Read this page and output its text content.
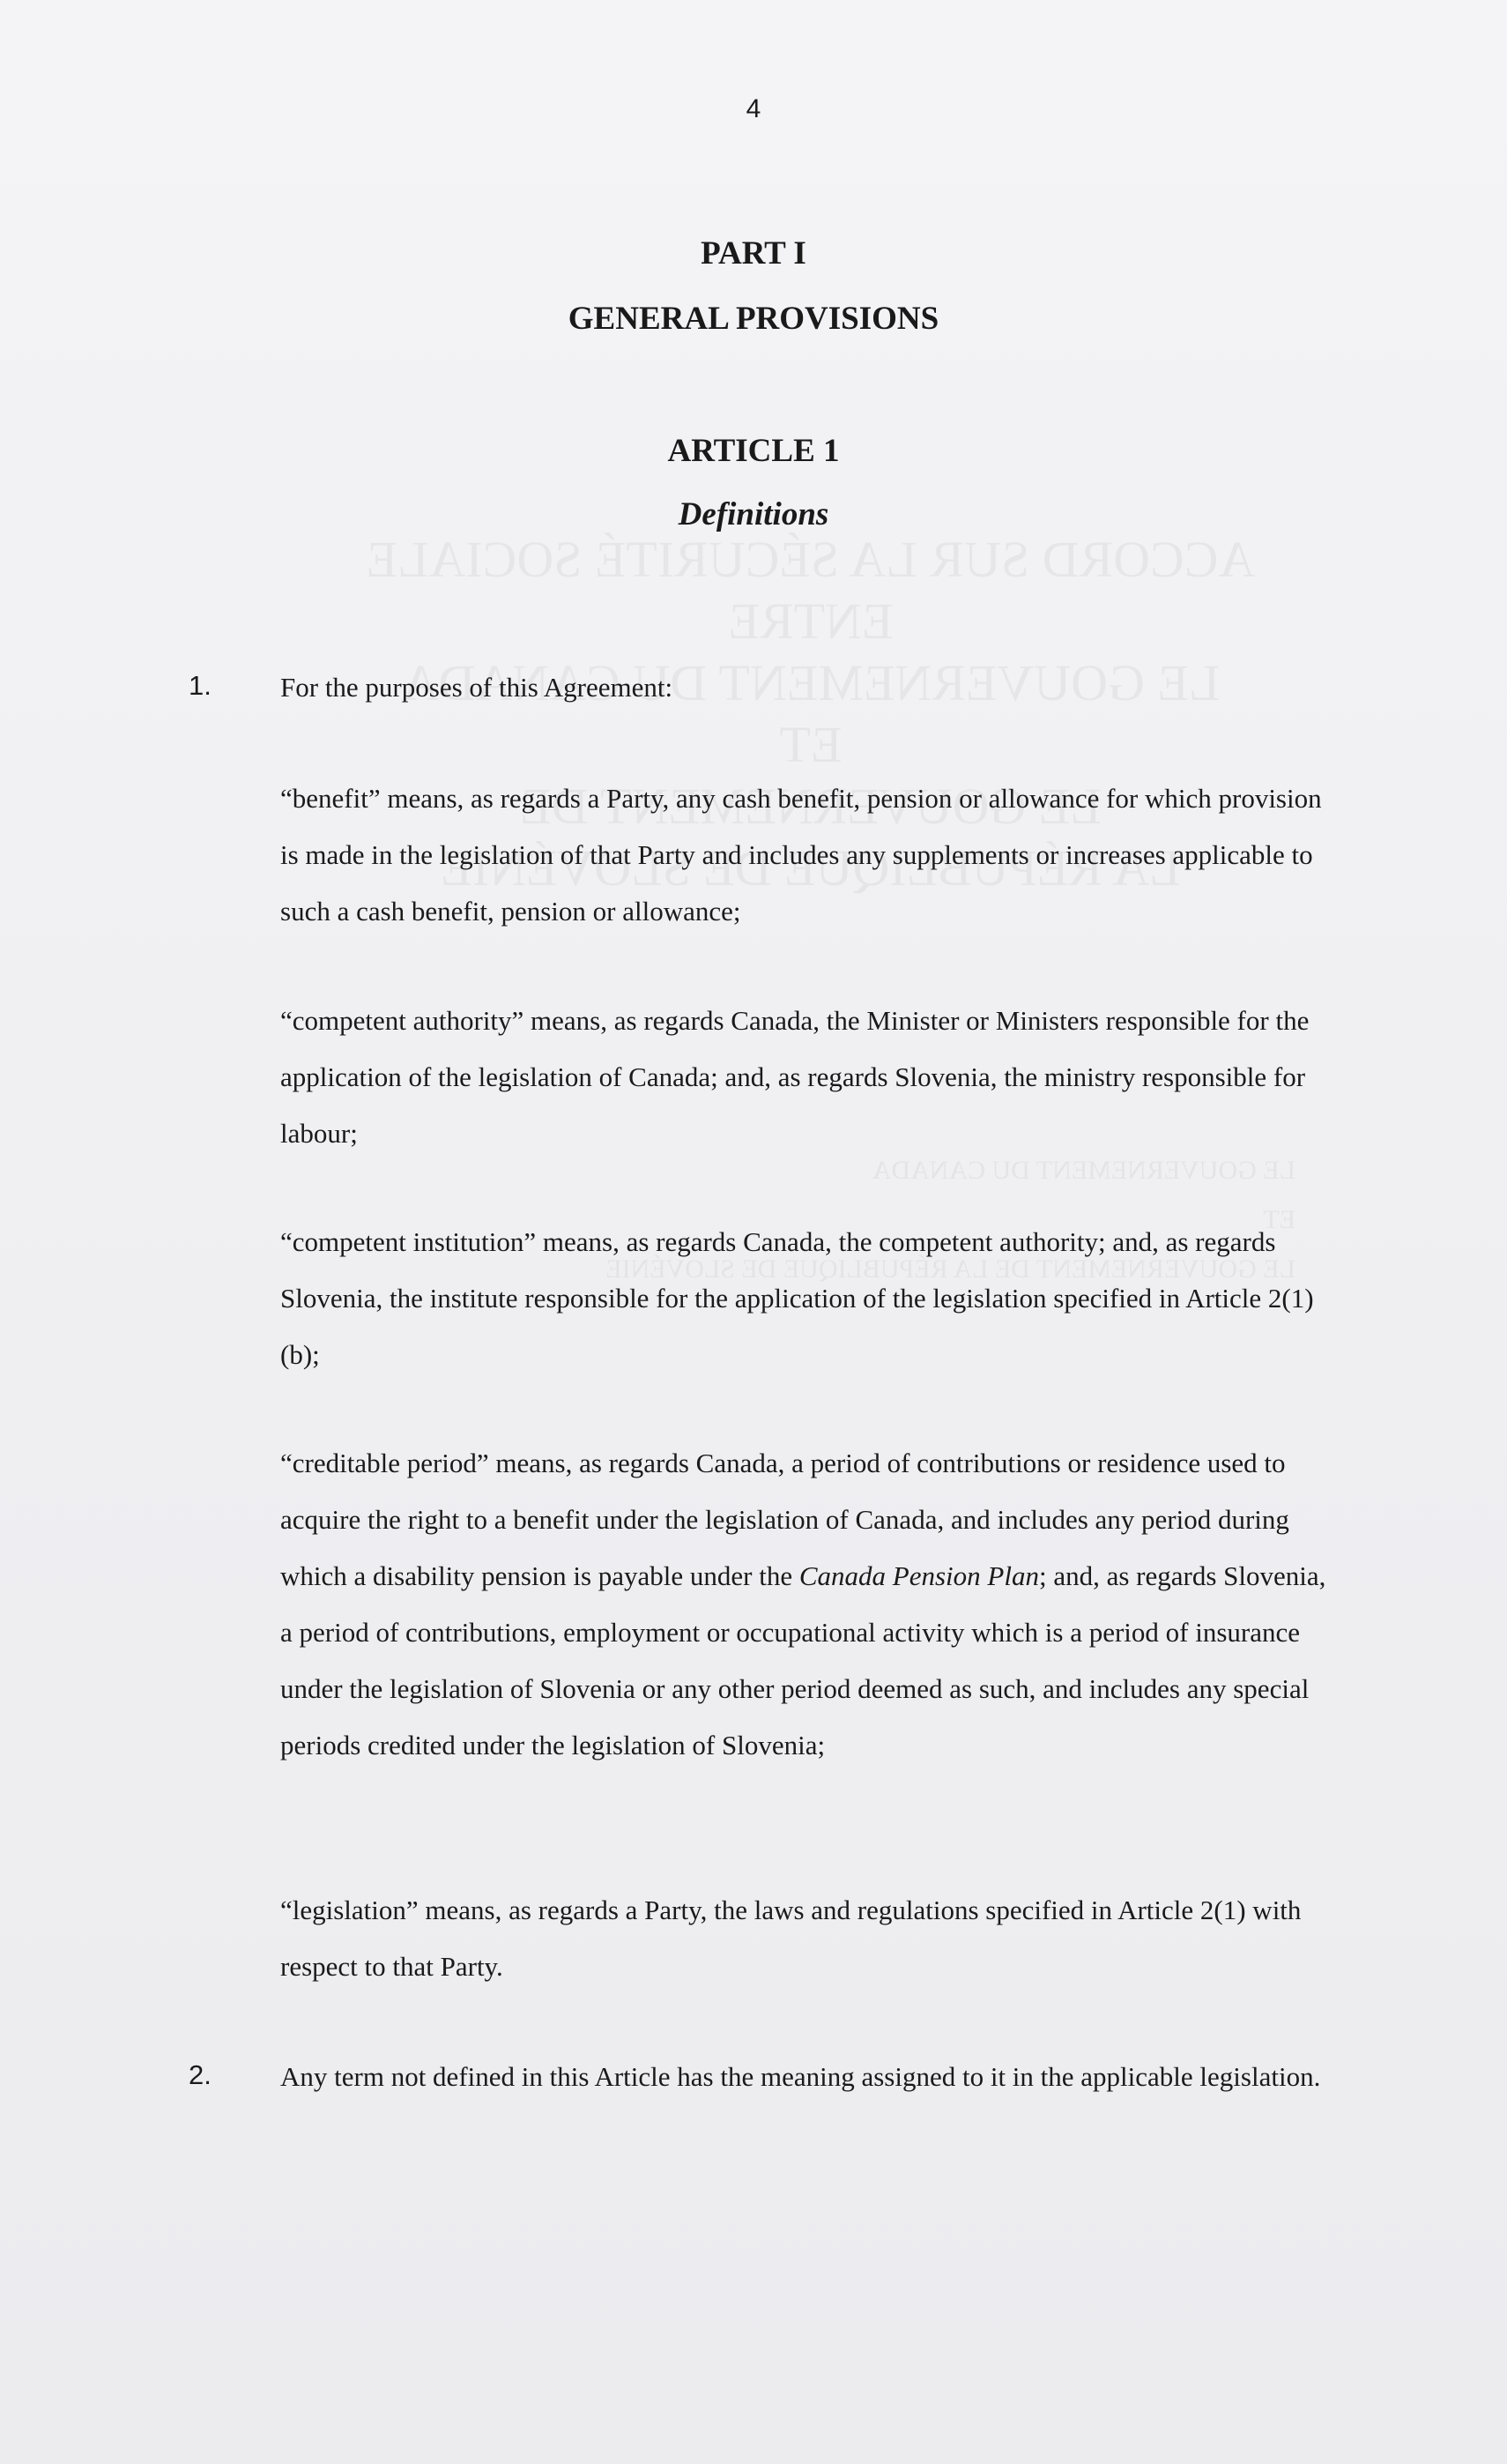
4
PART I
GENERAL PROVISIONS
ARTICLE 1
Definitions
1.	For the purposes of this Agreement:
“benefit” means, as regards a Party, any cash benefit, pension or allowance for which provision is made in the legislation of that Party and includes any supplements or increases applicable to such a cash benefit, pension or allowance;
“competent authority” means, as regards Canada, the Minister or Ministers responsible for the application of the legislation of Canada; and, as regards Slovenia, the ministry responsible for labour;
“competent institution” means, as regards Canada, the competent authority; and, as regards Slovenia, the institute responsible for the application of the legislation specified in Article 2(1)(b);
“creditable period” means, as regards Canada, a period of contributions or residence used to acquire the right to a benefit under the legislation of Canada, and includes any period during which a disability pension is payable under the Canada Pension Plan; and, as regards Slovenia, a period of contributions, employment or occupational activity which is a period of insurance under the legislation of Slovenia or any other period deemed as such, and includes any special periods credited under the legislation of Slovenia;
“legislation” means, as regards a Party, the laws and regulations specified in Article 2(1) with respect to that Party.
2.	Any term not defined in this Article has the meaning assigned to it in the applicable legislation.
